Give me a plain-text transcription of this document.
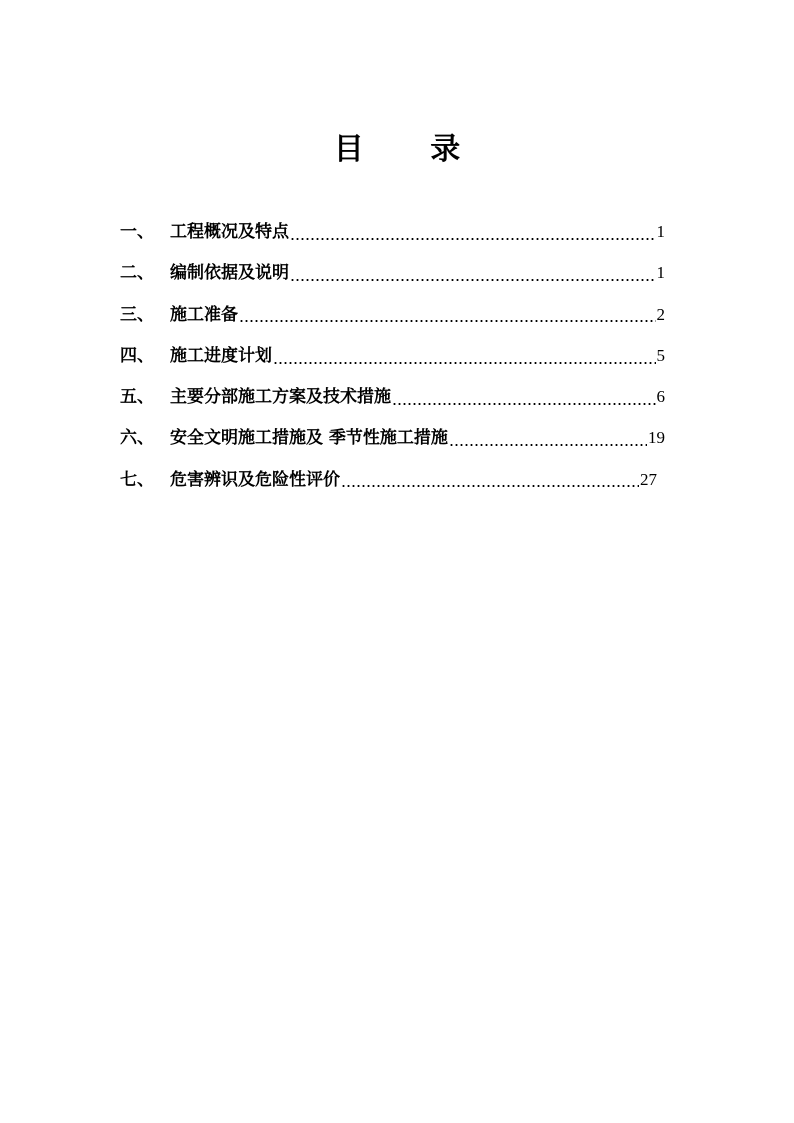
目 录
一、 工程概况及特点	1
二、 编制依据及说明	1
三、 施工准备	2
四、 施工进度计划	5
五、 主要分部施工方案及技术措施	6
六、 安全文明施工措施及 季节性施工措施	19
七、 危害辨识及危险性评价	27
